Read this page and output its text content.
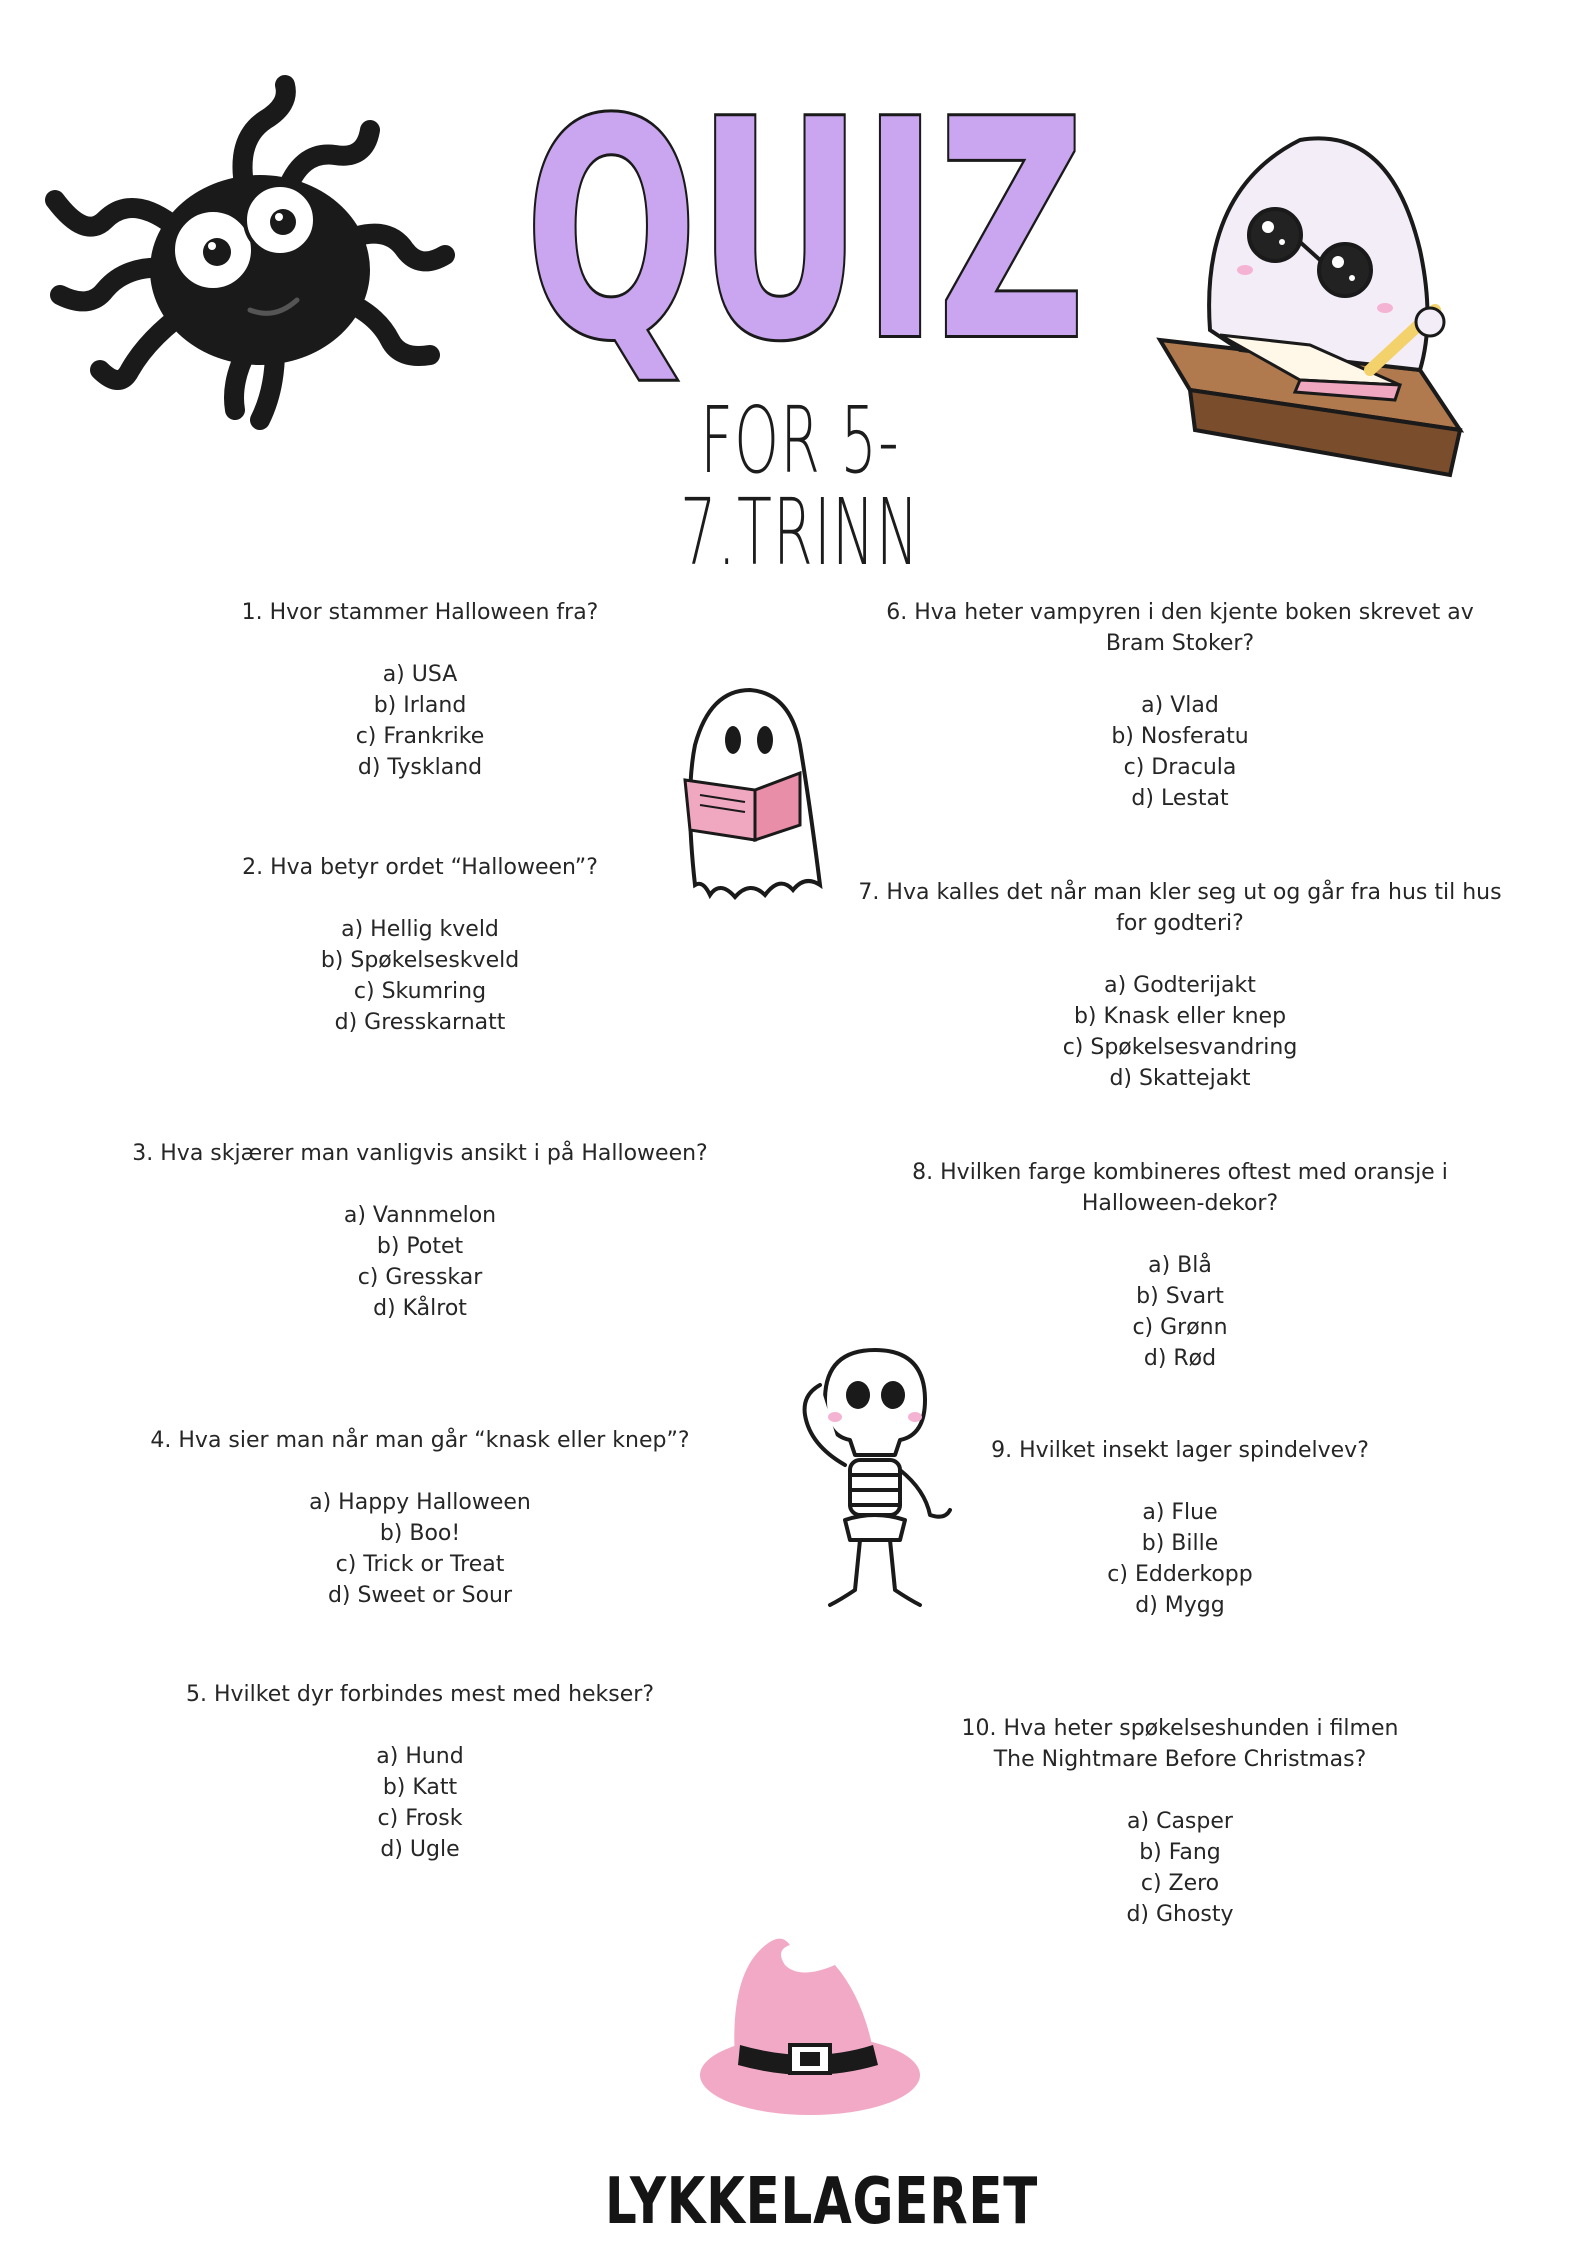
QUIZ
FOR 5-7.TRINN
1. Hvor stammer Halloween fra?
a) USA
b) Irland
c) Frankrike
d) Tyskland
2. Hva betyr ordet “Halloween”?
a) Hellig kveld
b) Spøkelseskveld
c) Skumring
d) Gresskarnatt
3. Hva skjærer man vanligvis ansikt i på Halloween?
a) Vannmelon
b) Potet
c) Gresskar
d) Kålrot
4. Hva sier man når man går “knask eller knep”?
a) Happy Halloween
b) Boo!
c) Trick or Treat
d) Sweet or Sour
5. Hvilket dyr forbindes mest med hekser?
a) Hund
b) Katt
c) Frosk
d) Ugle
6. Hva heter vampyren i den kjente boken skrevet av Bram Stoker?
a) Vlad
b) Nosferatu
c) Dracula
d) Lestat
7. Hva kalles det når man kler seg ut og går fra hus til hus for godteri?
a) Godterijakt
b) Knask eller knep
c) Spøkelsesvandring
d) Skattejakt
8. Hvilken farge kombineres oftest med oransje i Halloween-dekor?
a) Blå
b) Svart
c) Grønn
d) Rød
9. Hvilket insekt lager spindelvev?
a) Flue
b) Bille
c) Edderkopp
d) Mygg
10. Hva heter spøkelseshunden i filmen The Nightmare Before Christmas?
a) Casper
b) Fang
c) Zero
d) Ghosty
LYKKELAGERET
